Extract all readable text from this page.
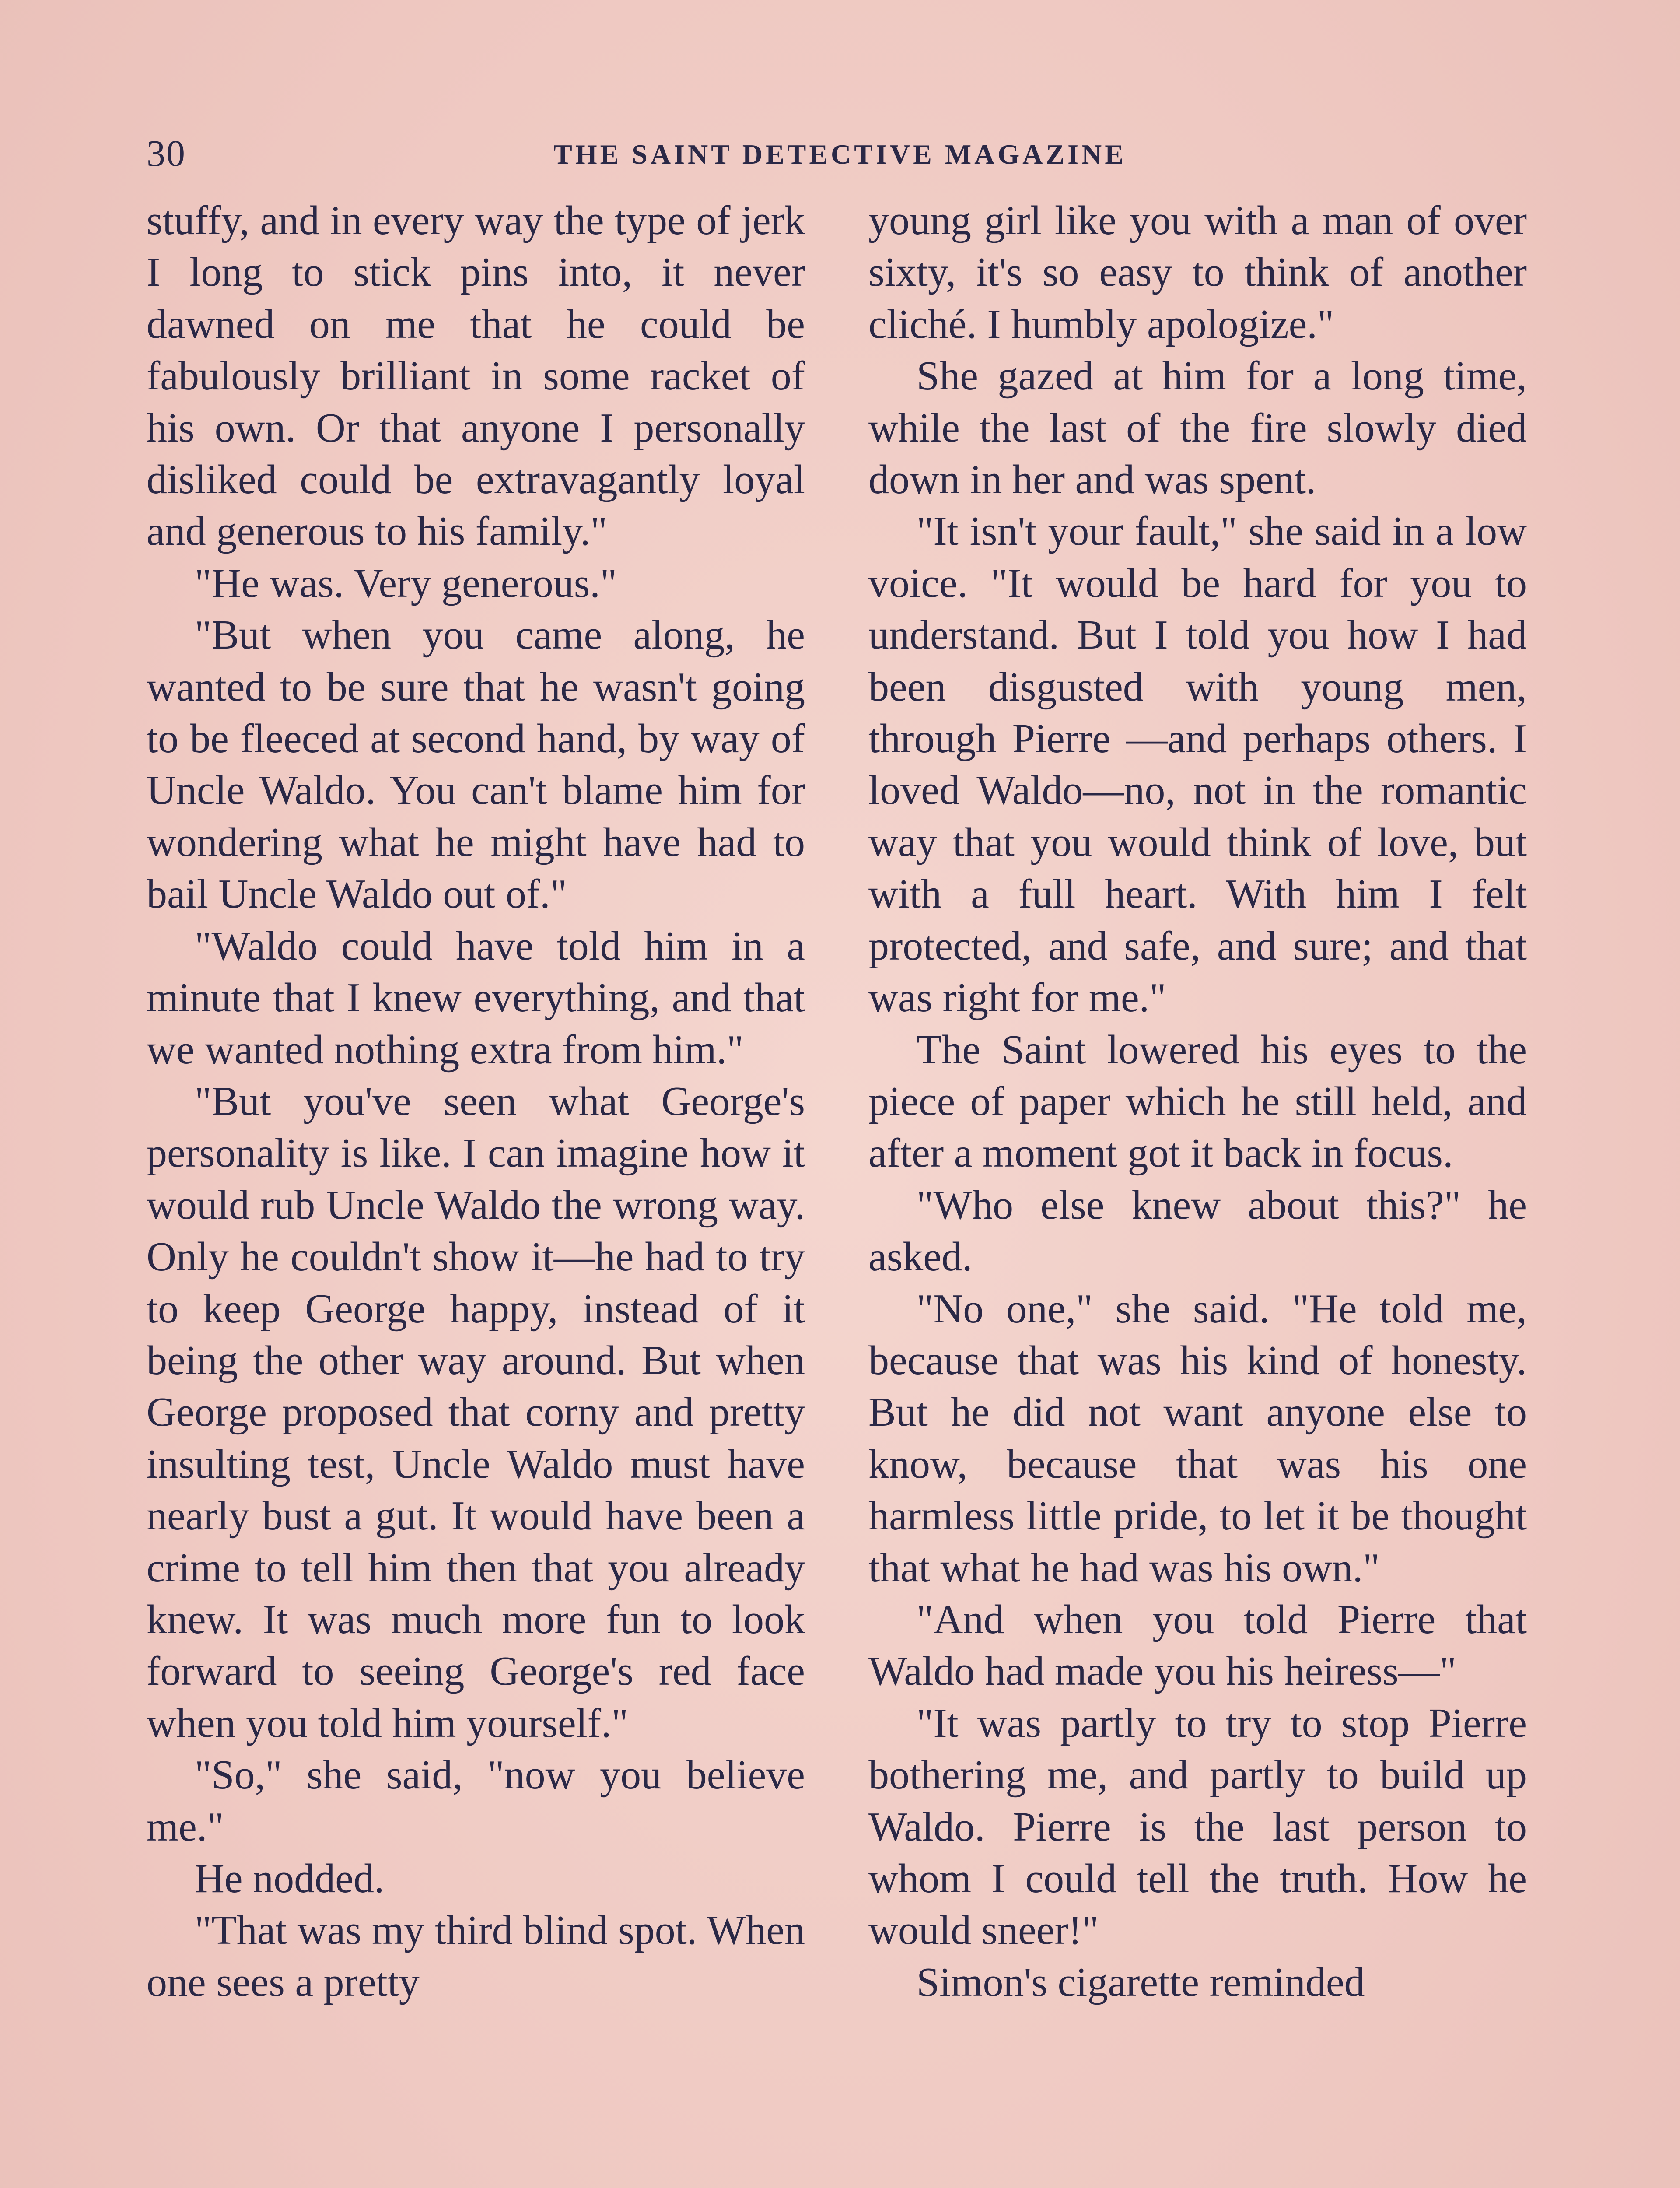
30	THE SAINT DETECTIVE MAGAZINE

stuffy, and in every way the type of jerk I long to stick pins into, it never dawned on me that he could be fabulously brilliant in some racket of his own. Or that anyone I personally disliked could be extravagantly loyal and generous to his family."

"He was. Very generous."

"But when you came along, he wanted to be sure that he wasn't going to be fleeced at second hand, by way of Uncle Waldo. You can't blame him for wondering what he might have had to bail Uncle Waldo out of."

"Waldo could have told him in a minute that I knew everything, and that we wanted nothing extra from him."

"But you've seen what George's personality is like. I can imagine how it would rub Uncle Waldo the wrong way. Only he couldn't show it—he had to try to keep George happy, instead of it being the other way around. But when George proposed that corny and pretty insulting test, Uncle Waldo must have nearly bust a gut. It would have been a crime to tell him then that you already knew. It was much more fun to look forward to seeing George's red face when you told him yourself."

"So," she said, "now you believe me."

He nodded.

"That was my third blind spot. When one sees a pretty

young girl like you with a man of over sixty, it's so easy to think of another cliché. I humbly apologize."

She gazed at him for a long time, while the last of the fire slowly died down in her and was spent.

"It isn't your fault," she said in a low voice. "It would be hard for you to understand. But I told you how I had been disgusted with young men, through Pierre —and perhaps others. I loved Waldo—no, not in the romantic way that you would think of love, but with a full heart. With him I felt protected, and safe, and sure; and that was right for me."

The Saint lowered his eyes to the piece of paper which he still held, and after a moment got it back in focus.

"Who else knew about this?" he asked.

"No one," she said. "He told me, because that was his kind of honesty. But he did not want anyone else to know, because that was his one harmless little pride, to let it be thought that what he had was his own."

"And when you told Pierre that Waldo had made you his heiress—"

"It was partly to try to stop Pierre bothering me, and partly to build up Waldo. Pierre is the last person to whom I could tell the truth. How he would sneer!"

Simon's cigarette reminded
